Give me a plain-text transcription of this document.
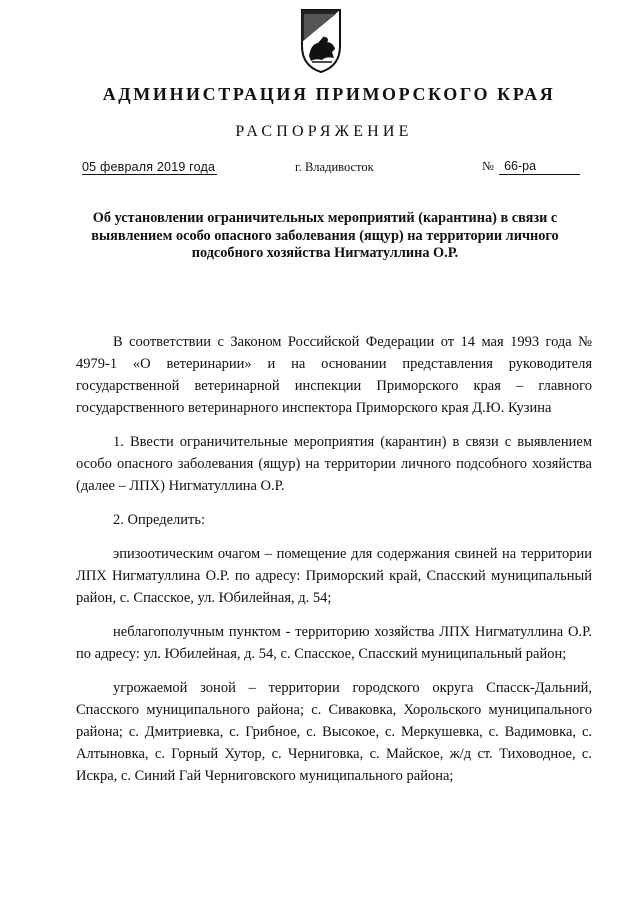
АДМИНИСТРАЦИЯ ПРИМОРСКОГО КРАЯ
РАСПОРЯЖЕНИЕ
05 февраля 2019 года	г. Владивосток	№ 66-ра
Об установлении ограничительных мероприятий (карантина) в связи с выявлением особо опасного заболевания (ящур) на территории личного подсобного хозяйства Нигматуллина О.Р.

В соответствии с Законом Российской Федерации от 14 мая 1993 года № 4979-1 «О ветеринарии» и на основании представления руководителя государственной ветеринарной инспекции Приморского края – главного государственного ветеринарного инспектора Приморского края Д.Ю. Кузина

1. Ввести ограничительные мероприятия (карантин) в связи с выявлением особо опасного заболевания (ящур) на территории личного подсобного хозяйства (далее – ЛПХ) Нигматуллина О.Р.

2. Определить:

эпизоотическим очагом – помещение для содержания свиней на территории ЛПХ Нигматуллина О.Р. по адресу: Приморский край, Спасский муниципальный район, с. Спасское, ул. Юбилейная, д. 54;

неблагополучным пунктом - территорию хозяйства ЛПХ Нигматуллина О.Р. по адресу: ул. Юбилейная, д. 54, с. Спасское, Спасский муниципальный район;

угрожаемой зоной – территории городского округа Спасск-Дальний, Спасского муниципального района; с. Сиваковка, Хорольского муниципального района; с. Дмитриевка, с. Грибное, с. Высокое, с. Меркушевка, с. Вадимовка, с. Алтыновка, с. Горный Хутор, с. Черниговка, с. Майское, ж/д ст. Тиховодное, с. Искра, с. Синий Гай Черниговского муниципального района;
